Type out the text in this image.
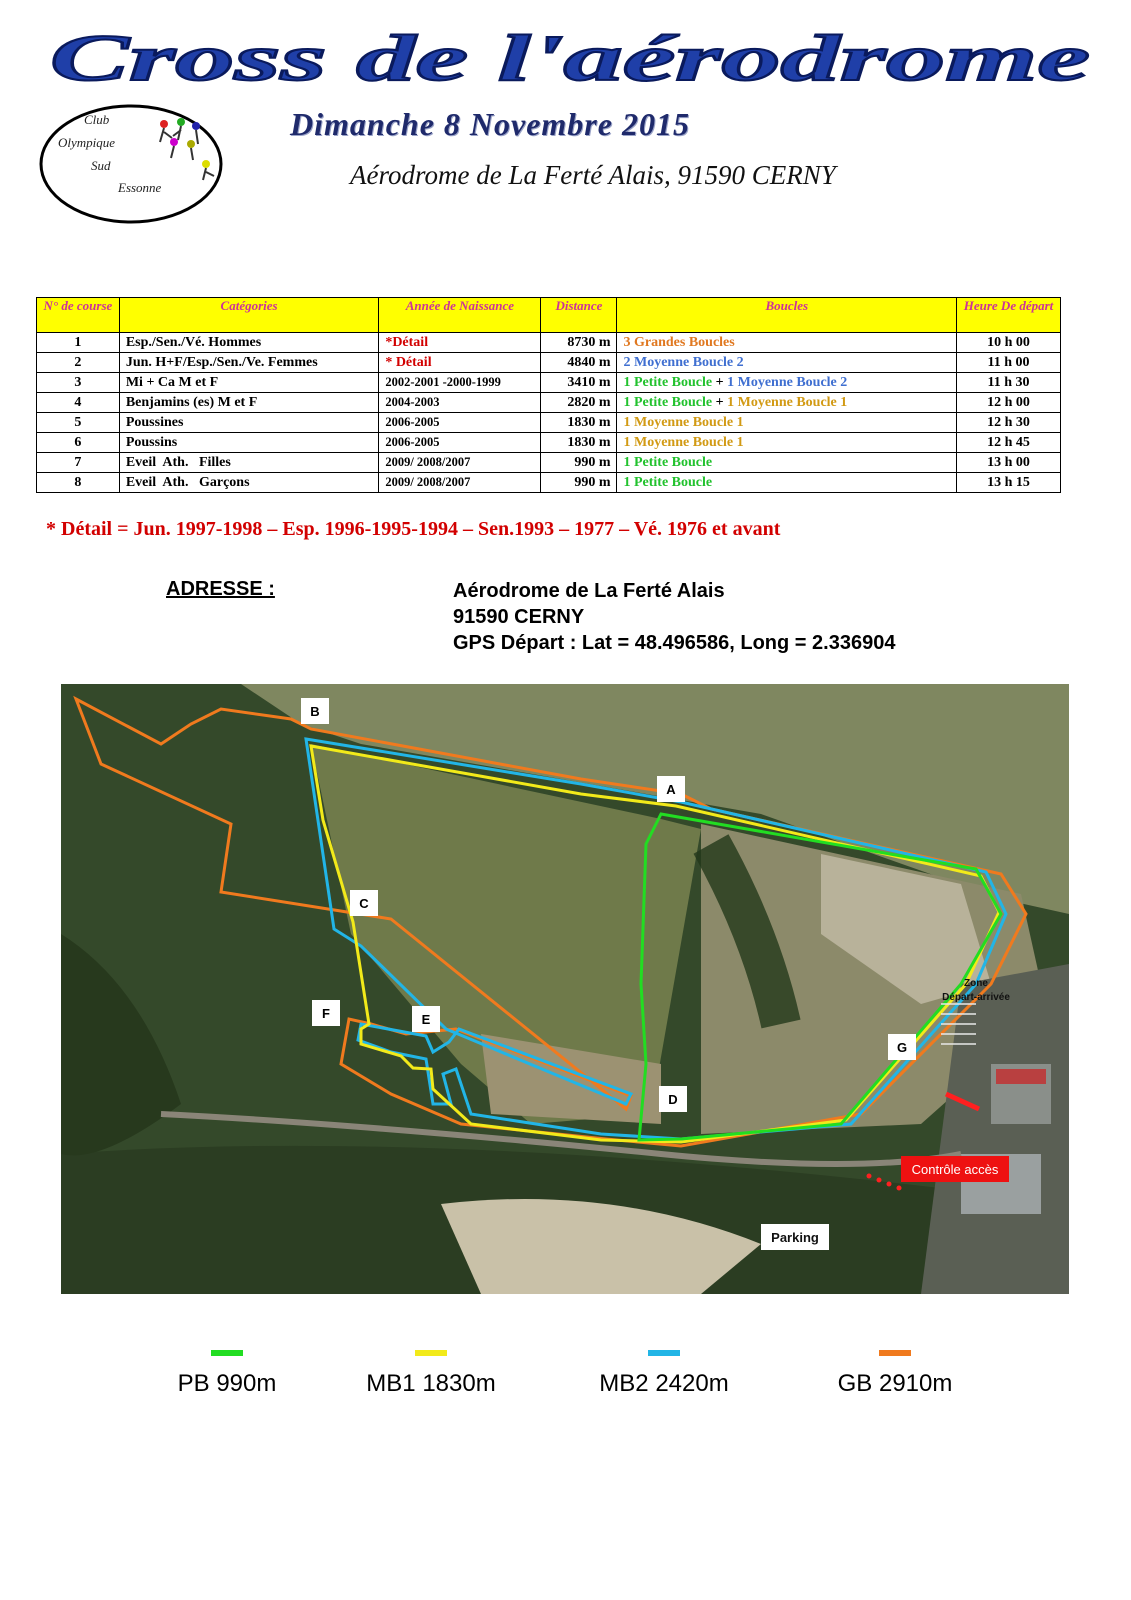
Cross de l'aérodrome
Club
Olympique
Sud
Essonne
Dimanche 8 Novembre 2015
Aérodrome de La Ferté Alais, 91590 CERNY
N° de course	Catégories	Année de Naissance	Distance	Boucles	Heure De départ
1	Esp./Sen./Vé. Hommes	*Détail	8730 m	3 Grandes Boucles	10 h 00
2	Jun. H+F/Esp./Sen./Ve. Femmes	* Détail	4840 m	2 Moyenne Boucle 2	11 h 00
3	Mi + Ca M et F	2002-2001 -2000-1999	3410 m	1 Petite Boucle + 1 Moyenne Boucle 2	11 h 30
4	Benjamins (es) M et F	2004-2003	2820 m	1 Petite Boucle + 1 Moyenne Boucle 1	12 h 00
5	Poussines	2006-2005	1830 m	1 Moyenne Boucle 1	12 h 30
6	Poussins	2006-2005	1830 m	1 Moyenne Boucle 1	12 h 45
7	Eveil  Ath.   Filles	2009/ 2008/2007	990 m	1 Petite Boucle	13 h 00
8	Eveil  Ath.   Garçons	2009/ 2008/2007	990 m	1 Petite Boucle	13 h 15
* Détail = Jun. 1997-1998 – Esp. 1996-1995-1994 – Sen.1993 – 1977 – Vé. 1976 et avant
ADRESSE :	Aérodrome de La Ferté Alais
91590 CERNY
GPS Départ : Lat = 48.496586, Long = 2.336904
Zone
Départ-arrivée
Contrôle accès
Parking
A
B
C
D
E
F
G
PB 990m	MB1 1830m	MB2 2420m	GB 2910m
